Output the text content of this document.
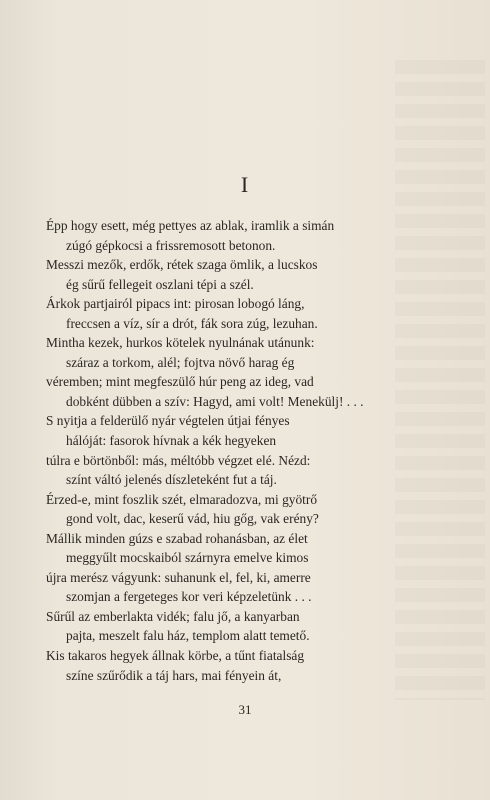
I
Épp hogy esett, még pettyes az ablak, iramlik a simán
zúgó gépkocsi a frissremosott betonon.
Messzi mezők, erdők, rétek szaga ömlik, a lucskos
ég sűrű fellegeit oszlani tépi a szél.
Árkok partjairól pipacs int: pirosan lobogó láng,
freccsen a víz, sír a drót, fák sora zúg, lezuhan.
Mintha kezek, hurkos kötelek nyulnának utánunk:
száraz a torkom, alél; fojtva növő harag ég
véremben; mint megfeszülő húr peng az ideg, vad
dobként dübben a szív: Hagyd, ami volt! Menekülj! . . .
S nyitja a felderülő nyár végtelen útjai fényes
hálóját: fasorok hívnak a kék hegyeken
túlra e börtönből: más, méltóbb végzet elé. Nézd:
színt váltó jelenés díszleteként fut a táj.
Érzed-e, mint foszlik szét, elmaradozva, mi gyötrő
gond volt, dac, keserű vád, hiu gőg, vak erény?
Mállik minden gúzs e szabad rohanásban, az élet
meggyűlt mocskaiból szárnyra emelve kimos
újra merész vágyunk: suhanunk el, fel, ki, amerre
szomjan a fergeteges kor veri képzeletünk . . .
Sűrűl az emberlakta vidék; falu jő, a kanyarban
pajta, meszelt falu ház, templom alatt temető.
Kis takaros hegyek állnak körbe, a tűnt fiatalság
színe szűrődik a táj hars, mai fényein át,
31
